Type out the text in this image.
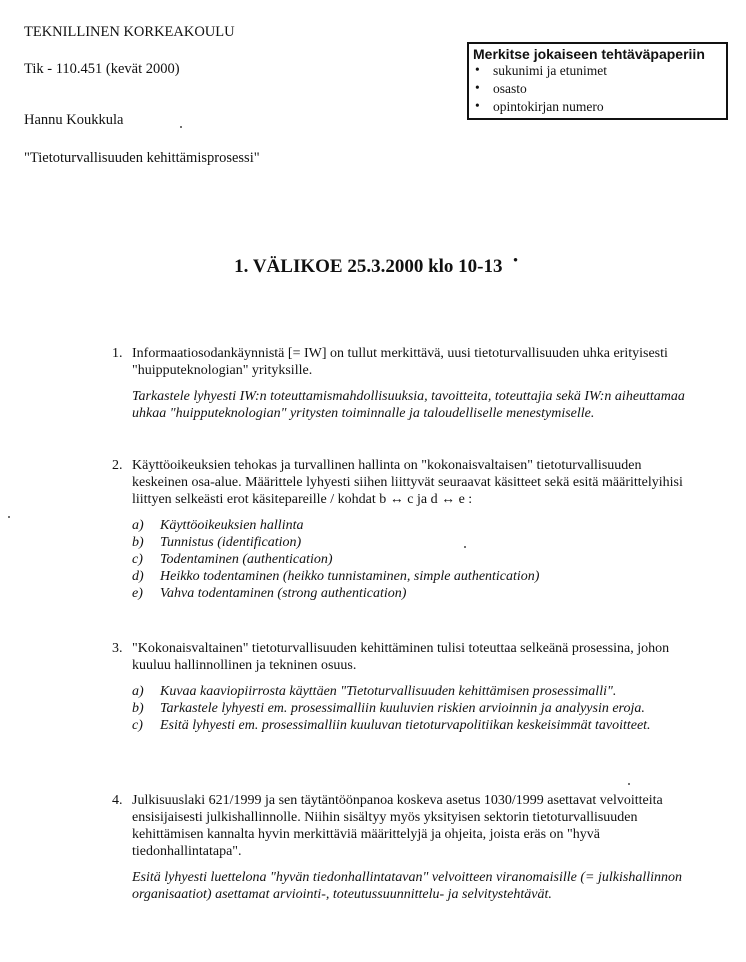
TEKNILLINEN KORKEAKOULU
Tik - 110.451 (kevät 2000)
Hannu Koukkula
"Tietoturvallisuuden kehittämisprosessi"
Merkitse jokaiseen tehtäväpaperiin
• sukunimi ja etunimet
• osasto
• opintokirjan numero
1. VÄLIKOE 25.3.2000 klo 10-13 •
1. Informaatiosodankäynnistä [= IW] on tullut merkittävä, uusi tietoturvallisuuden uhka erityisesti "huipputeknologian" yrityksille.
Tarkastele lyhyesti IW:n toteuttamismahdollisuuksia, tavoitteita, toteuttajia sekä IW:n aiheuttamaa uhkaa "huipputeknologian" yritysten toiminnalle ja taloudelliselle menestymiselle.
2. Käyttöoikeuksien tehokas ja turvallinen hallinta on "kokonaisvaltaisen" tietoturvallisuuden keskeinen osa-alue. Määrittele lyhyesti siihen liittyvät seuraavat käsitteet sekä esitä määrittelyihisi liittyen selkeästi erot käsitepareille / kohdat b ↔ c ja d ↔ e :
a) Käyttöoikeuksien hallinta
b) Tunnistus (identification)
c) Todentaminen (authentication)
d) Heikko todentaminen (heikko tunnistaminen, simple authentication)
e) Vahva todentaminen (strong authentication)
3. "Kokonaisvaltainen" tietoturvallisuuden kehittäminen tulisi toteuttaa selkeänä prosessina, johon kuuluu hallinnollinen ja tekninen osuus.
a) Kuvaa kaaviopiirrosta käyttäen "Tietoturvallisuuden kehittämisen prosessimalli".
b) Tarkastele lyhyesti em. prosessimalliin kuuluvien riskien arvioinnin ja analyysin eroja.
c) Esitä lyhyesti em. prosessimalliin kuuluvan tietoturvapolitiikan keskeisimmät tavoitteet.
4. Julkisuuslaki 621/1999 ja sen täytäntöönpanoa koskeva asetus 1030/1999 asettavat velvoitteita ensisijaisesti julkishallinnolle. Niihin sisältyy myös yksityisen sektorin tietoturvallisuuden kehittämisen kannalta hyvin merkittäviä määrittelyjä ja ohjeita, joista eräs on "hyvä tiedonhallintatapa".
Esitä lyhyesti luettelona "hyvän tiedonhallintatavan" velvoitteen viranomaisille (= julkishallinnon organisaatiot) asettamat arviointi-, toteutussuunnittelu- ja selvitystehtävät.
